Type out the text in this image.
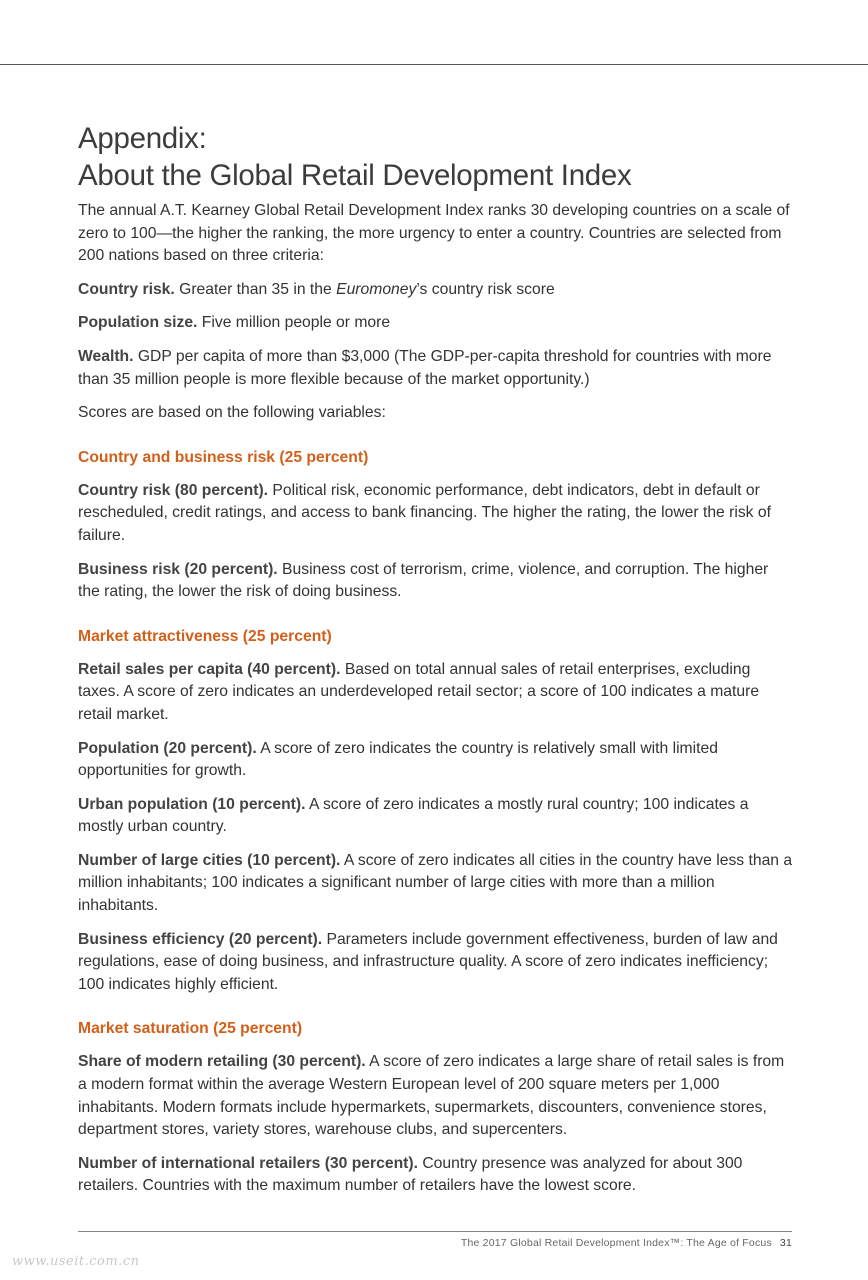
Appendix:
About the Global Retail Development Index

The annual A.T. Kearney Global Retail Development Index ranks 30 developing countries on a scale of zero to 100—the higher the ranking, the more urgency to enter a country. Countries are selected from 200 nations based on three criteria:

Country risk. Greater than 35 in the Euromoney’s country risk score

Population size. Five million people or more

Wealth. GDP per capita of more than $3,000 (The GDP-per-capita threshold for countries with more than 35 million people is more flexible because of the market opportunity.)

Scores are based on the following variables:

Country and business risk (25 percent)

Country risk (80 percent). Political risk, economic performance, debt indicators, debt in default or rescheduled, credit ratings, and access to bank financing. The higher the rating, the lower the risk of failure.

Business risk (20 percent). Business cost of terrorism, crime, violence, and corruption. The higher the rating, the lower the risk of doing business.

Market attractiveness (25 percent)

Retail sales per capita (40 percent). Based on total annual sales of retail enterprises, excluding taxes. A score of zero indicates an underdeveloped retail sector; a score of 100 indicates a mature retail market.

Population (20 percent). A score of zero indicates the country is relatively small with limited opportunities for growth.

Urban population (10 percent). A score of zero indicates a mostly rural country; 100 indicates a mostly urban country.

Number of large cities (10 percent). A score of zero indicates all cities in the country have less than a million inhabitants; 100 indicates a significant number of large cities with more than a million inhabitants.

Business efficiency (20 percent). Parameters include government effectiveness, burden of law and regulations, ease of doing business, and infrastructure quality. A score of zero indicates inefficiency; 100 indicates highly efficient.

Market saturation (25 percent)

Share of modern retailing (30 percent). A score of zero indicates a large share of retail sales is from a modern format within the average Western European level of 200 square meters per 1,000 inhabitants. Modern formats include hypermarkets, supermarkets, discounters, convenience stores, department stores, variety stores, warehouse clubs, and supercenters.

Number of international retailers (30 percent). Country presence was analyzed for about 300 retailers. Countries with the maximum number of retailers have the lowest score.

The 2017 Global Retail Development Index™: The Age of Focus 31
www.useit.com.cn
